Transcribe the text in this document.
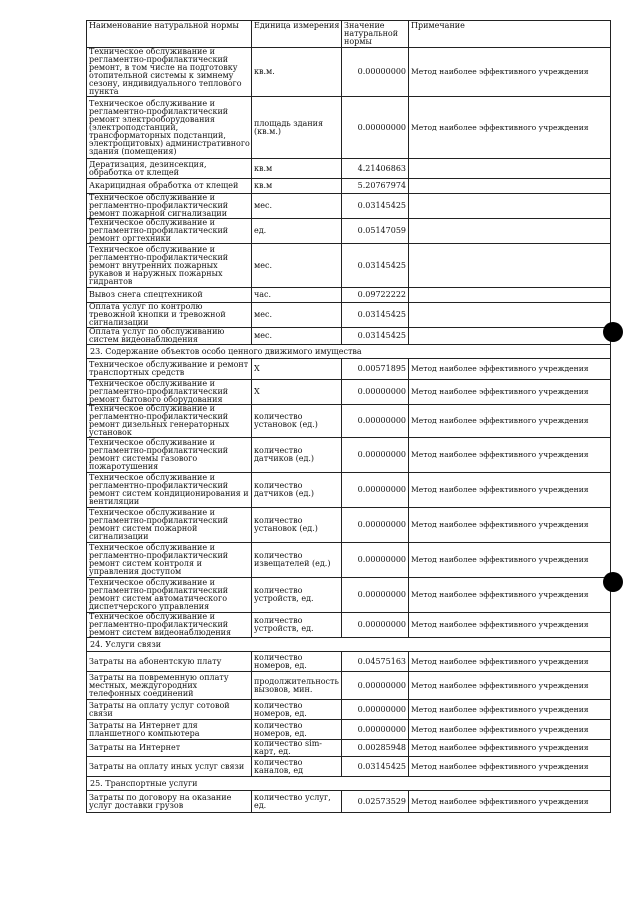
Наименование натуральной нормы	Единица измерения	Значение натуральной нормы	Примечание
Техническое обслуживание и регламентно-профилактический ремонт, в том числе на подготовку отопительной системы к зимнему сезону, индивидуального теплового пункта	кв.м.	0.00000000	Метод наиболее эффективного учреждения
Техническое обслуживание и регламентно-профилактический ремонт электрооборудования (электроподстанций, трансформаторных подстанций, электрощитовых) административного здания (помещения)	площадь здания (кв.м.)	0.00000000	Метод наиболее эффективного учреждения
Дератизация, дезинсекция, обработка от клещей	кв.м	4.21406863	
Акарицидная обработка от клещей	кв.м	5.20767974	
Техническое обслуживание и регламентно-профилактический ремонт пожарной сигнализации	мес.	0.03145425	
Техническое обслуживание и регламентно-профилактический ремонт оргтехники	ед.	0.05147059	
Техническое обслуживание и регламентно-профилактический ремонт внутренних пожарных рукавов и наружных пожарных гидрантов	мес.	0.03145425	
Вывоз снега спецтехникой	час.	0.09722222	
Оплата услуг по контролю тревожной кнопки и тревожной сигнализации	мес.	0.03145425	
Оплата услуг по обслуживанию систем видеонаблюдения	мес.	0.03145425	
23. Содержание объектов особо ценного движимого имущества			
Техническое обслуживание и ремонт транспортных средств	Х	0.00571895	Метод наиболее эффективного учреждения
Техническое обслуживание и регламентно-профилактический ремонт бытового оборудования	Х	0.00000000	Метод наиболее эффективного учреждения
Техническое обслуживание и регламентно-профилактический ремонт дизельных генераторных установок	количество установок (ед.)	0.00000000	Метод наиболее эффективного учреждения
Техническое обслуживание и регламентно-профилактический ремонт системы газового пожаротушения	количество датчиков (ед.)	0.00000000	Метод наиболее эффективного учреждения
Техническое обслуживание и регламентно-профилактический ремонт систем кондиционирования и вентиляции	количество датчиков (ед.)	0.00000000	Метод наиболее эффективного учреждения
Техническое обслуживание и регламентно-профилактический ремонт систем пожарной сигнализации	количество установок (ед.)	0.00000000	Метод наиболее эффективного учреждения
Техническое обслуживание и регламентно-профилактический ремонт систем контроля и управления доступом	количество извещателей (ед.)	0.00000000	Метод наиболее эффективного учреждения
Техническое обслуживание и регламентно-профилактический ремонт систем автоматического диспетчерского управления	количество устройств, ед.	0.00000000	Метод наиболее эффективного учреждения
Техническое обслуживание и регламентно-профилактический ремонт систем видеонаблюдения	количество устройств, ед.	0.00000000	Метод наиболее эффективного учреждения
24. Услуги связи			
Затраты на абонентскую плату	количество номеров, ед.	0.04575163	Метод наиболее эффективного учреждения
Затраты на повременную оплату местных, междугородних телефонных соединений	продолжительность вызовов, мин.	0.00000000	Метод наиболее эффективного учреждения
Затраты на оплату услуг сотовой связи	количество номеров, ед.	0.00000000	Метод наиболее эффективного учреждения
Затраты на Интернет для планшетного компьютера	количество номеров, ед.	0.00000000	Метод наиболее эффективного учреждения
Затраты на Интернет	количество sim-карт, ед.	0.00285948	Метод наиболее эффективного учреждения
Затраты на оплату иных услуг связи	количество каналов, ед	0.03145425	Метод наиболее эффективного учреждения
25. Транспортные услуги			
Затраты по договору на оказание услуг доставки грузов	количество услуг, ед.	0.02573529	Метод наиболее эффективного учреждения
